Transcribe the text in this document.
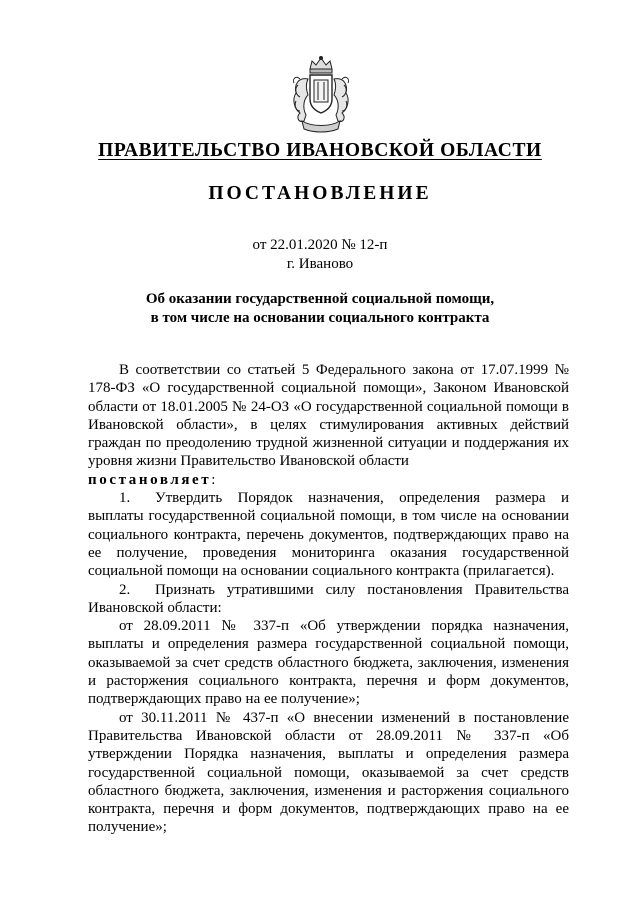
ПРАВИТЕЛЬСТВО ИВАНОВСКОЙ ОБЛАСТИ
ПОСТАНОВЛЕНИЕ
от 22.01.2020 № 12-п
г. Иваново
Об оказании государственной социальной помощи,
в том числе на основании социального контракта

В соответствии со статьей 5 Федерального закона от 17.07.1999 № 178-ФЗ «О государственной социальной помощи», Законом Ивановской области от 18.01.2005 № 24-ОЗ «О государственной социальной помощи в Ивановской области», в целях стимулирования активных действий граждан по преодолению трудной жизненной ситуации и поддержания их уровня жизни Правительство Ивановской области

постановляет:

1. Утвердить Порядок назначения, определения размера и выплаты государственной социальной помощи, в том числе на основании социального контракта, перечень документов, подтверждающих право на ее получение, проведения мониторинга оказания государственной социальной помощи на основании социального контракта (прилагается).

2. Признать утратившими силу постановления Правительства Ивановской области:

от 28.09.2011 № 337-п «Об утверждении порядка назначения, выплаты и определения размера государственной социальной помощи, оказываемой за счет средств областного бюджета, заключения, изменения и расторжения социального контракта, перечня и форм документов, подтверждающих право на ее получение»;

от 30.11.2011 № 437-п «О внесении изменений в постановление Правительства Ивановской области от 28.09.2011 № 337-п «Об утверждении Порядка назначения, выплаты и определения размера государственной социальной помощи, оказываемой за счет средств областного бюджета, заключения, изменения и расторжения социального контракта, перечня и форм документов, подтверждающих право на ее получение»;
